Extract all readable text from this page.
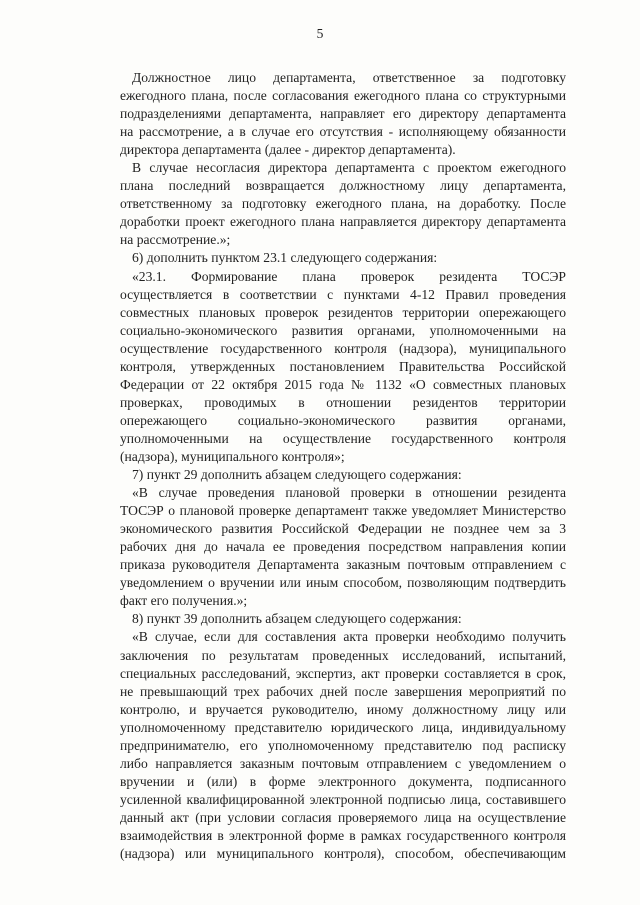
5
Должностное лицо департамента, ответственное за подготовку
ежегодного плана, после согласования ежегодного плана со структурными
подразделениями департамента, направляет его директору департамента
на рассмотрение, а в случае его отсутствия - исполняющему обязанности
директора департамента (далее - директор департамента).
В случае несогласия директора департамента с проектом ежегодного
плана последний возвращается должностному лицу департамента,
ответственному за подготовку ежегодного плана, на доработку. После
доработки проект ежегодного плана направляется директору департамента
на рассмотрение.»;
6) дополнить пунктом 23.1 следующего содержания:
«23.1. Формирование плана проверок резидента ТОСЭР
осуществляется в соответствии с пунктами 4-12 Правил проведения
совместных плановых проверок резидентов территории опережающего
социально-экономического развития органами, уполномоченными на
осуществление государственного контроля (надзора), муниципального
контроля, утвержденных постановлением Правительства Российской
Федерации от 22 октября 2015 года № 1132 «О совместных плановых
проверках, проводимых в отношении резидентов территории
опережающего социально-экономического развития органами,
уполномоченными на осуществление государственного контроля
(надзора), муниципального контроля»;
7) пункт 29 дополнить абзацем следующего содержания:
«В случае проведения плановой проверки в отношении резидента
ТОСЭР о плановой проверке департамент также уведомляет Министерство
экономического развития Российской Федерации не позднее чем за 3
рабочих дня до начала ее проведения посредством направления копии
приказа руководителя Департамента заказным почтовым отправлением с
уведомлением о вручении или иным способом, позволяющим подтвердить
факт его получения.»;
8) пункт 39 дополнить абзацем следующего содержания:
«В случае, если для составления акта проверки необходимо получить
заключения по результатам проведенных исследований, испытаний,
специальных расследований, экспертиз, акт проверки составляется в срок,
не превышающий трех рабочих дней после завершения мероприятий по
контролю, и вручается руководителю, иному должностному лицу или
уполномоченному представителю юридического лица, индивидуальному
предпринимателю, его уполномоченному представителю под расписку
либо направляется заказным почтовым отправлением с уведомлением о
вручении и (или) в форме электронного документа, подписанного
усиленной квалифицированной электронной подписью лица, составившего
данный акт (при условии согласия проверяемого лица на осуществление
взаимодействия в электронной форме в рамках государственного контроля
(надзора) или муниципального контроля), способом, обеспечивающим
